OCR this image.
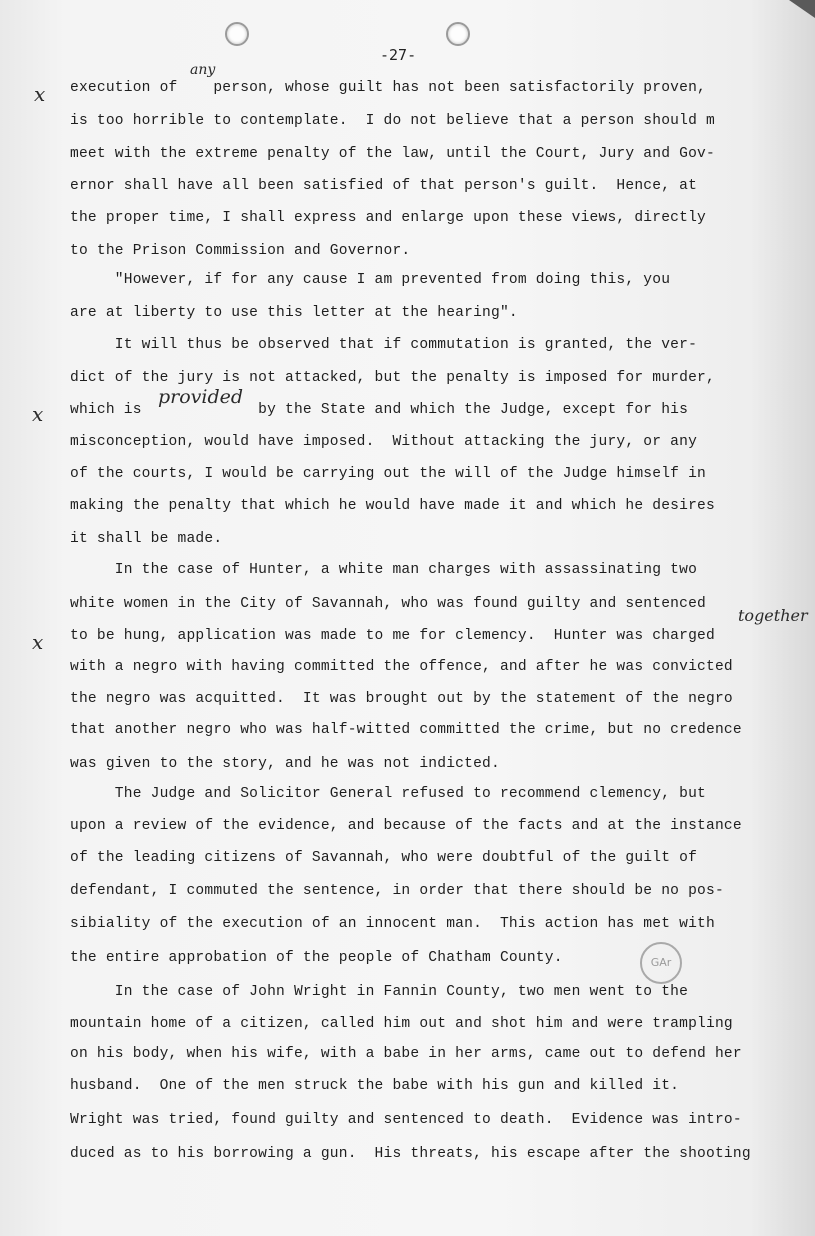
-27-
x
x
x
any
provided
together
GAr
execution of    person, whose guilt has not been satisfactorily proven,
is too horrible to contemplate.  I do not believe that a person should m
meet with the extreme penalty of the law, until the Court, Jury and Gov-
ernor shall have all been satisfied of that person's guilt.  Hence, at
the proper time, I shall express and enlarge upon these views, directly
to the Prison Commission and Governor.
"However, if for any cause I am prevented from doing this, you
are at liberty to use this letter at the hearing".
It will thus be observed that if commutation is granted, the ver-
dict of the jury is not attacked, but the penalty is imposed for murder,
which is             by the State and which the Judge, except for his
misconception, would have imposed.  Without attacking the jury, or any
of the courts, I would be carrying out the will of the Judge himself in
making the penalty that which he would have made it and which he desires
it shall be made.
In the case of Hunter, a white man charges with assassinating two
white women in the City of Savannah, who was found guilty and sentenced
to be hung, application was made to me for clemency.  Hunter was charged
with a negro with having committed the offence, and after he was convicted
the negro was acquitted.  It was brought out by the statement of the negro
that another negro who was half-witted committed the crime, but no credence
was given to the story, and he was not indicted.
The Judge and Solicitor General refused to recommend clemency, but
upon a review of the evidence, and because of the facts and at the instance
of the leading citizens of Savannah, who were doubtful of the guilt of
defendant, I commuted the sentence, in order that there should be no pos-
sibiality of the execution of an innocent man.  This action has met with
the entire approbation of the people of Chatham County.
In the case of John Wright in Fannin County, two men went to the
mountain home of a citizen, called him out and shot him and were trampling
on his body, when his wife, with a babe in her arms, came out to defend her
husband.  One of the men struck the babe with his gun and killed it.
Wright was tried, found guilty and sentenced to death.  Evidence was intro-
duced as to his borrowing a gun.  His threats, his escape after the shooting
